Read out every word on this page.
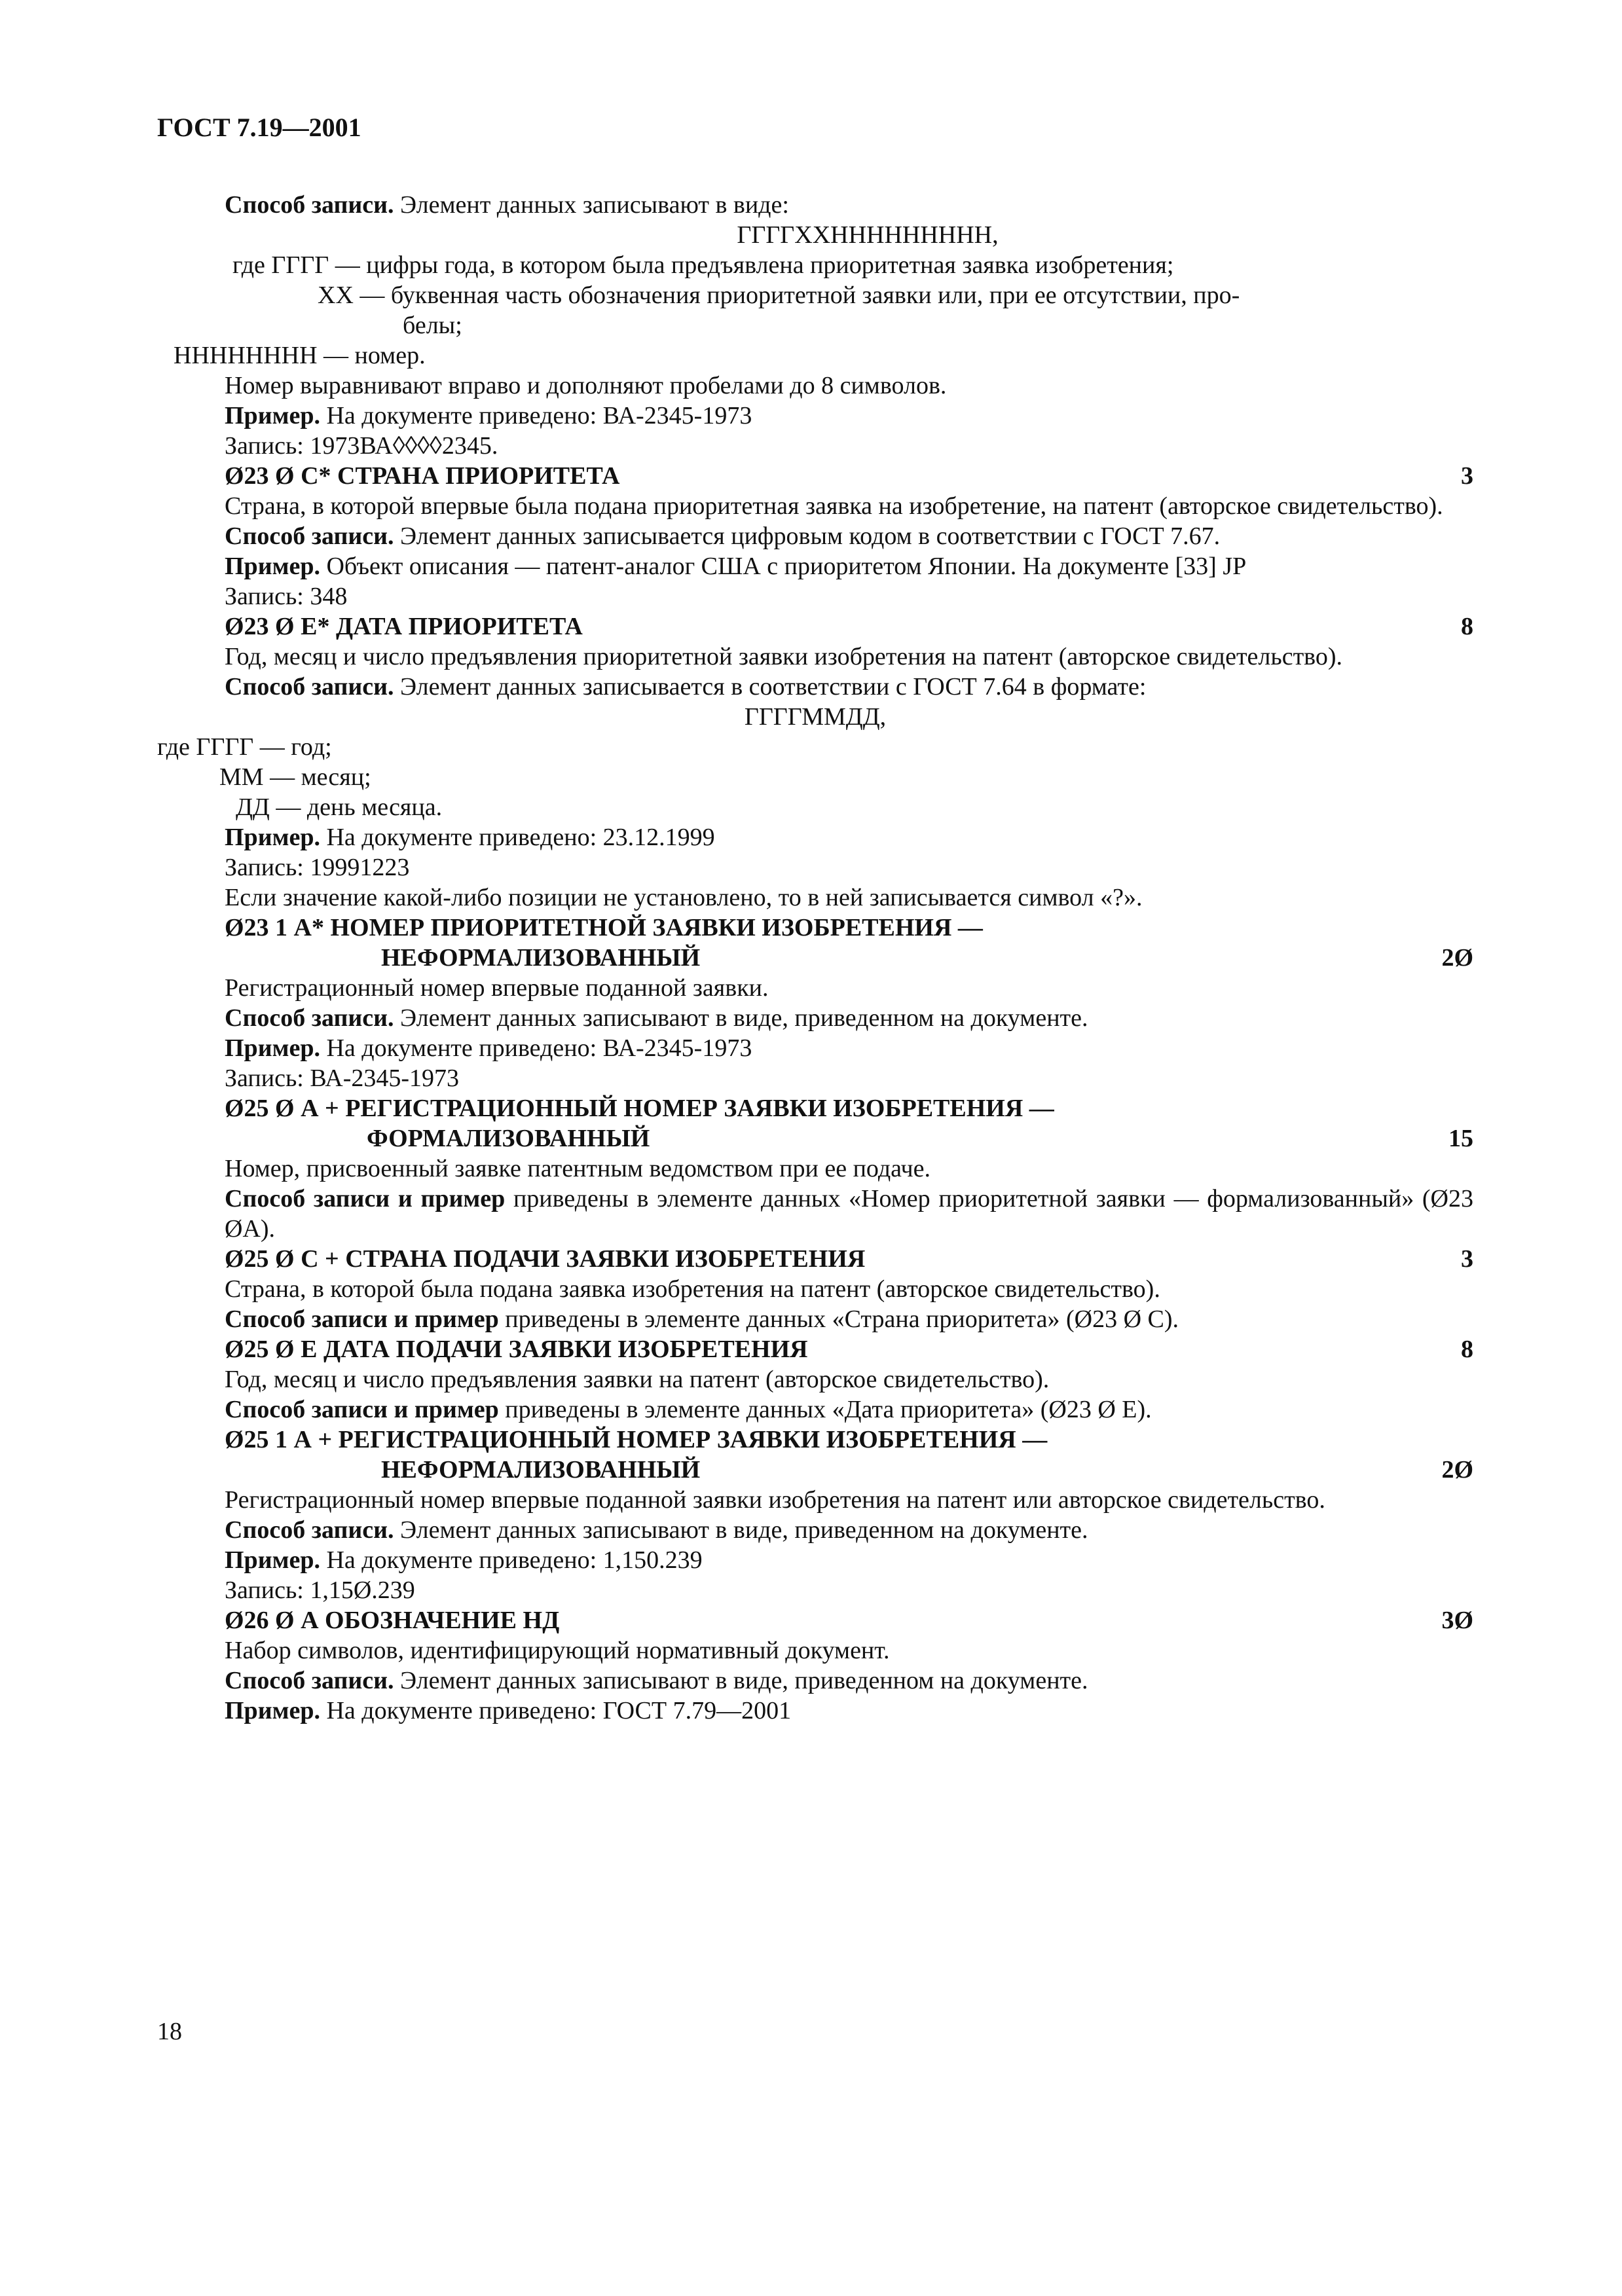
ГОСТ 7.19—2001

Способ записи. Элемент данных записывают в виде:

ГГГГХХННННННННН,

где ГГГГ — цифры года, в котором была предъявлена приоритетная заявка изобретения;

ХХ — буквенная часть обозначения приоритетной заявки или, при ее отсутствии, про-

белы;

НННННННН — номер.

Номер выравнивают вправо и дополняют пробелами до 8 символов.

Пример. На документе приведено: ВА-2345-1973

Запись: 1973ВА◊◊◊◊2345.

Ø23 Ø С* СТРАНА ПРИОРИТЕТА	3

Страна, в которой впервые была подана приоритетная заявка на изобретение, на патент (авторское свидетельство).

Способ записи. Элемент данных записывается цифровым кодом в соответствии с ГОСТ 7.67.

Пример. Объект описания — патент-аналог США с приоритетом Японии. На документе [33] JP

Запись: 348

Ø23 Ø Е* ДАТА ПРИОРИТЕТА	8

Год, месяц и число предъявления приоритетной заявки изобретения на патент (авторское свидетельство).

Способ записи. Элемент данных записывается в соответствии с ГОСТ 7.64 в формате:

ГГГГММДД,

где ГГГГ — год;

ММ — месяц;

ДД — день месяца.

Пример. На документе приведено: 23.12.1999

Запись: 19991223

Если значение какой-либо позиции не установлено, то в ней записывается символ «?».

Ø23 1 А* НОМЕР ПРИОРИТЕТНОЙ ЗАЯВКИ ИЗОБРЕТЕНИЯ —
НЕФОРМАЛИЗОВАННЫЙ	2Ø

Регистрационный номер впервые поданной заявки.

Способ записи. Элемент данных записывают в виде, приведенном на документе.

Пример. На документе приведено: ВА-2345-1973

Запись: ВА-2345-1973

Ø25 Ø А + РЕГИСТРАЦИОННЫЙ НОМЕР ЗАЯВКИ ИЗОБРЕТЕНИЯ —
ФОРМАЛИЗОВАННЫЙ	15

Номер, присвоенный заявке патентным ведомством при ее подаче.

Способ записи и пример приведены в элементе данных «Номер приоритетной заявки — формализованный» (Ø23 ØА).

Ø25 Ø С + СТРАНА ПОДАЧИ ЗАЯВКИ ИЗОБРЕТЕНИЯ	3

Страна, в которой была подана заявка изобретения на патент (авторское свидетельство).

Способ записи и пример приведены в элементе данных «Страна приоритета» (Ø23 Ø С).

Ø25 Ø Е ДАТА ПОДАЧИ ЗАЯВКИ ИЗОБРЕТЕНИЯ	8

Год, месяц и число предъявления заявки на патент (авторское свидетельство).

Способ записи и пример приведены в элементе данных «Дата приоритета» (Ø23 Ø Е).

Ø25 1 А + РЕГИСТРАЦИОННЫЙ НОМЕР ЗАЯВКИ ИЗОБРЕТЕНИЯ —
НЕФОРМАЛИЗОВАННЫЙ	2Ø

Регистрационный номер впервые поданной заявки изобретения на патент или авторское свидетельство.

Способ записи. Элемент данных записывают в виде, приведенном на документе.

Пример. На документе приведено: 1,150.239

Запись: 1,15Ø.239

Ø26 Ø А ОБОЗНАЧЕНИЕ НД	3Ø

Набор символов, идентифицирующий нормативный документ.

Способ записи. Элемент данных записывают в виде, приведенном на документе.

Пример. На документе приведено: ГОСТ 7.79—2001

18
